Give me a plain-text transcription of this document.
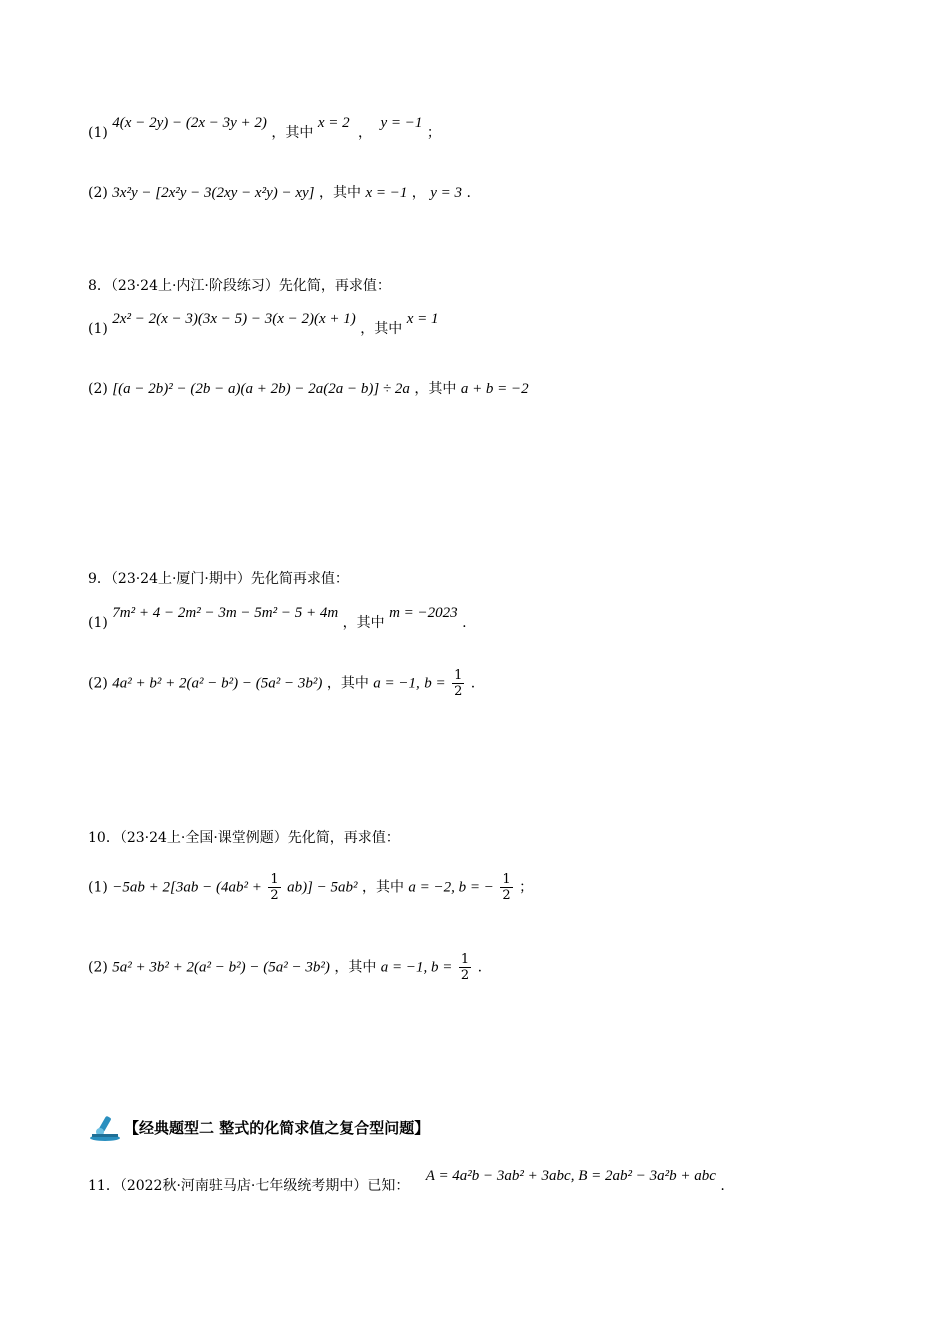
(1) 4(x − 2y) − (2x − 3y + 2) ，其中 x = 2 ， y = −1 ；
(2) 3x²y − [2x²y − 3(2xy − x²y) − xy] ，其中 x = −1 ， y = 3 .
8．（23·24上·内江·阶段练习）先化简，再求值：
(1) 2x² − 2(x − 3)(3x − 5) − 3(x − 2)(x + 1) ，其中 x = 1
(2) [(a − 2b)² − (2b − a)(a + 2b) − 2a(2a − b)] ÷ 2a ，其中 a + b = −2
9．（23·24上·厦门·期中）先化简再求值：
(1) 7m² + 4 − 2m² − 3m − 5m² − 5 + 4m ，其中 m = −2023 .
(2) 4a² + b² + 2(a² − b²) − (5a² − 3b²) ，其中 a = −1, $b = \frac{1}{2}$ .
10．（23·24上·全国·课堂例题）先化简，再求值：
$(1) -5ab + 2[3ab - (4ab^2 + \frac{1}{2} ab)] - 5ab^2$ ，其中 a = −2, b = − $\frac{1}{2}$ ；
(2) 5a² + 3b² + 2(a² − b²) − (5a² − 3b²) ，其中 a = −1, $b = \frac{1}{2}$ .
【经典题型二 整式的化简求值之复合型问题】
11．（2022秋·河南驻马店·七年级统考期中）已知： A = 4a²b − 3ab² + 3abc, B = 2ab² − 3a²b + abc .
